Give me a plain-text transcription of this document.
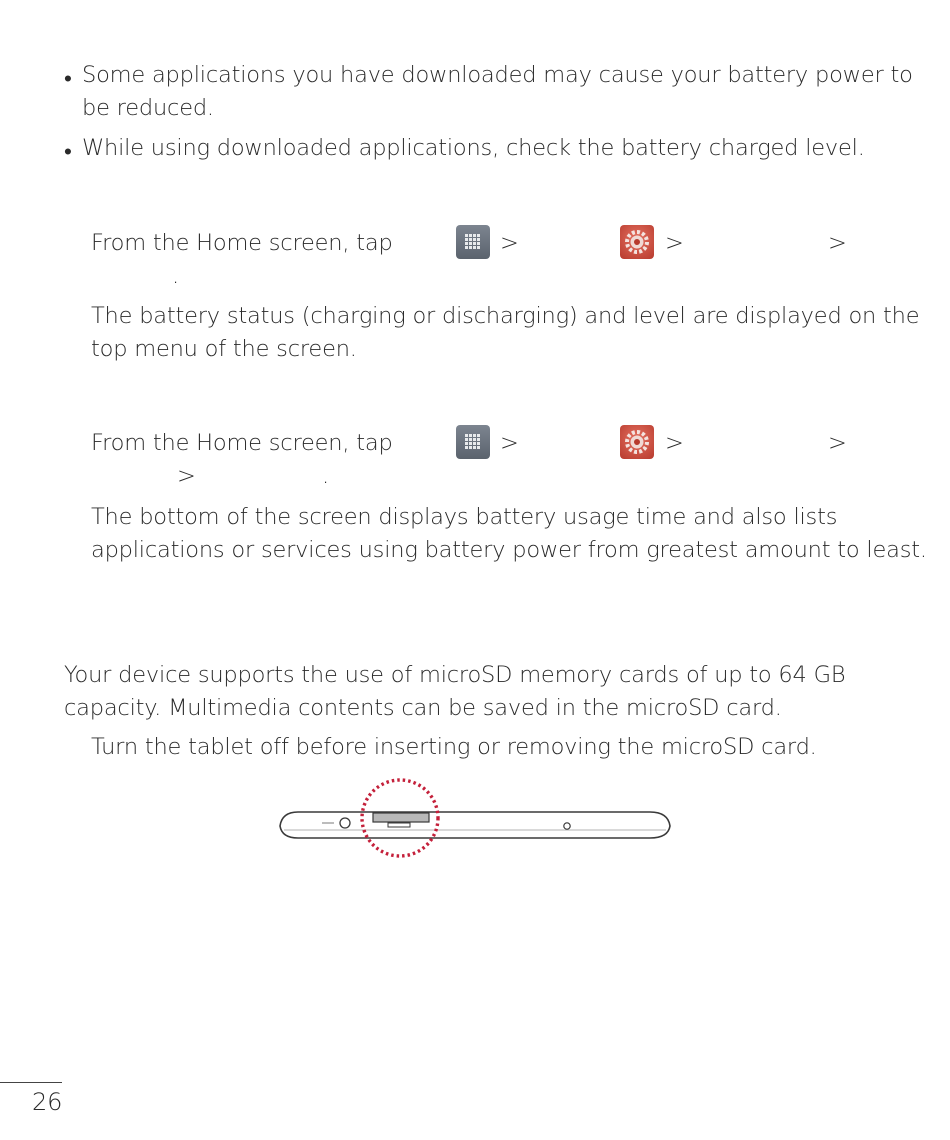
• Some applications you have downloaded may cause your battery power to
be reduced.
• While using downloaded applications, check the battery charged level.
From the Home screen, tap	>	>	>
.
The battery status (charging or discharging) and level are displayed on the
top menu of the screen.
From the Home screen, tap	>	>	>
>	.
The bottom of the screen displays battery usage time and also lists
applications or services using battery power from greatest amount to least.
Your device supports the use of microSD memory cards of up to 64 GB
capacity. Multimedia contents can be saved in the microSD card.
Turn the tablet off before inserting or removing the microSD card.
26
